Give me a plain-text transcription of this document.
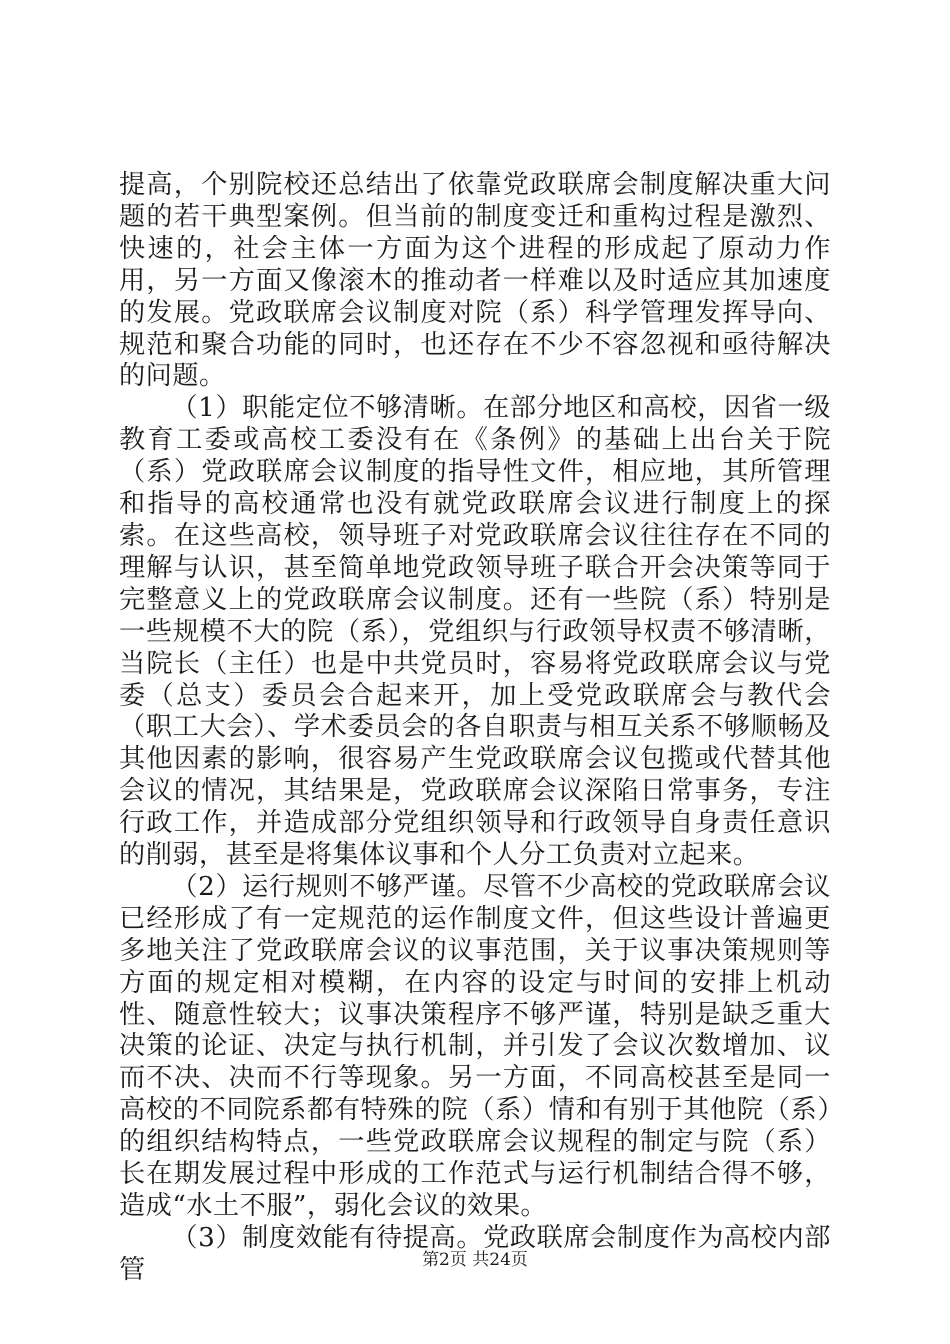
提高，个别院校还总结出了依靠党政联席会制度解决重大问题的若干典型案例。但当前的制度变迁和重构过程是激烈、快速的，社会主体一方面为这个进程的形成起了原动力作用，另一方面又像滚木的推动者一样难以及时适应其加速度的发展。党政联席会议制度对院（系）科学管理发挥导向、规范和聚合功能的同时，也还存在不少不容忽视和亟待解决的问题。

（1）职能定位不够清晰。在部分地区和高校，因省一级教育工委或高校工委没有在《条例》的基础上出台关于院（系）党政联席会议制度的指导性文件，相应地，其所管理和指导的高校通常也没有就党政联席会议进行制度上的探索。在这些高校，领导班子对党政联席会议往往存在不同的理解与认识，甚至简单地党政领导班子联合开会决策等同于完整意义上的党政联席会议制度。还有一些院（系）特别是一些规模不大的院（系），党组织与行政领导权责不够清晰，当院长（主任）也是中共党员时，容易将党政联席会议与党委（总支）委员会合起来开，加上受党政联席会与教代会（职工大会）、学术委员会的各自职责与相互关系不够顺畅及其他因素的影响，很容易产生党政联席会议包揽或代替其他会议的情况，其结果是，党政联席会议深陷日常事务，专注行政工作，并造成部分党组织领导和行政领导自身责任意识的削弱，甚至是将集体议事和个人分工负责对立起来。

（2）运行规则不够严谨。尽管不少高校的党政联席会议已经形成了有一定规范的运作制度文件，但这些设计普遍更多地关注了党政联席会议的议事范围，关于议事决策规则等方面的规定相对模糊，在内容的设定与时间的安排上机动性、随意性较大；议事决策程序不够严谨，特别是缺乏重大决策的论证、决定与执行机制，并引发了会议次数增加、议而不决、决而不行等现象。另一方面，不同高校甚至是同一高校的不同院系都有特殊的院（系）情和有别于其他院（系）的组织结构特点，一些党政联席会议规程的制定与院（系）长在期发展过程中形成的工作范式与运行机制结合得不够，造成“水土不服”，弱化会议的效果。

（3）制度效能有待提高。党政联席会制度作为高校内部管	第2页 共24页
